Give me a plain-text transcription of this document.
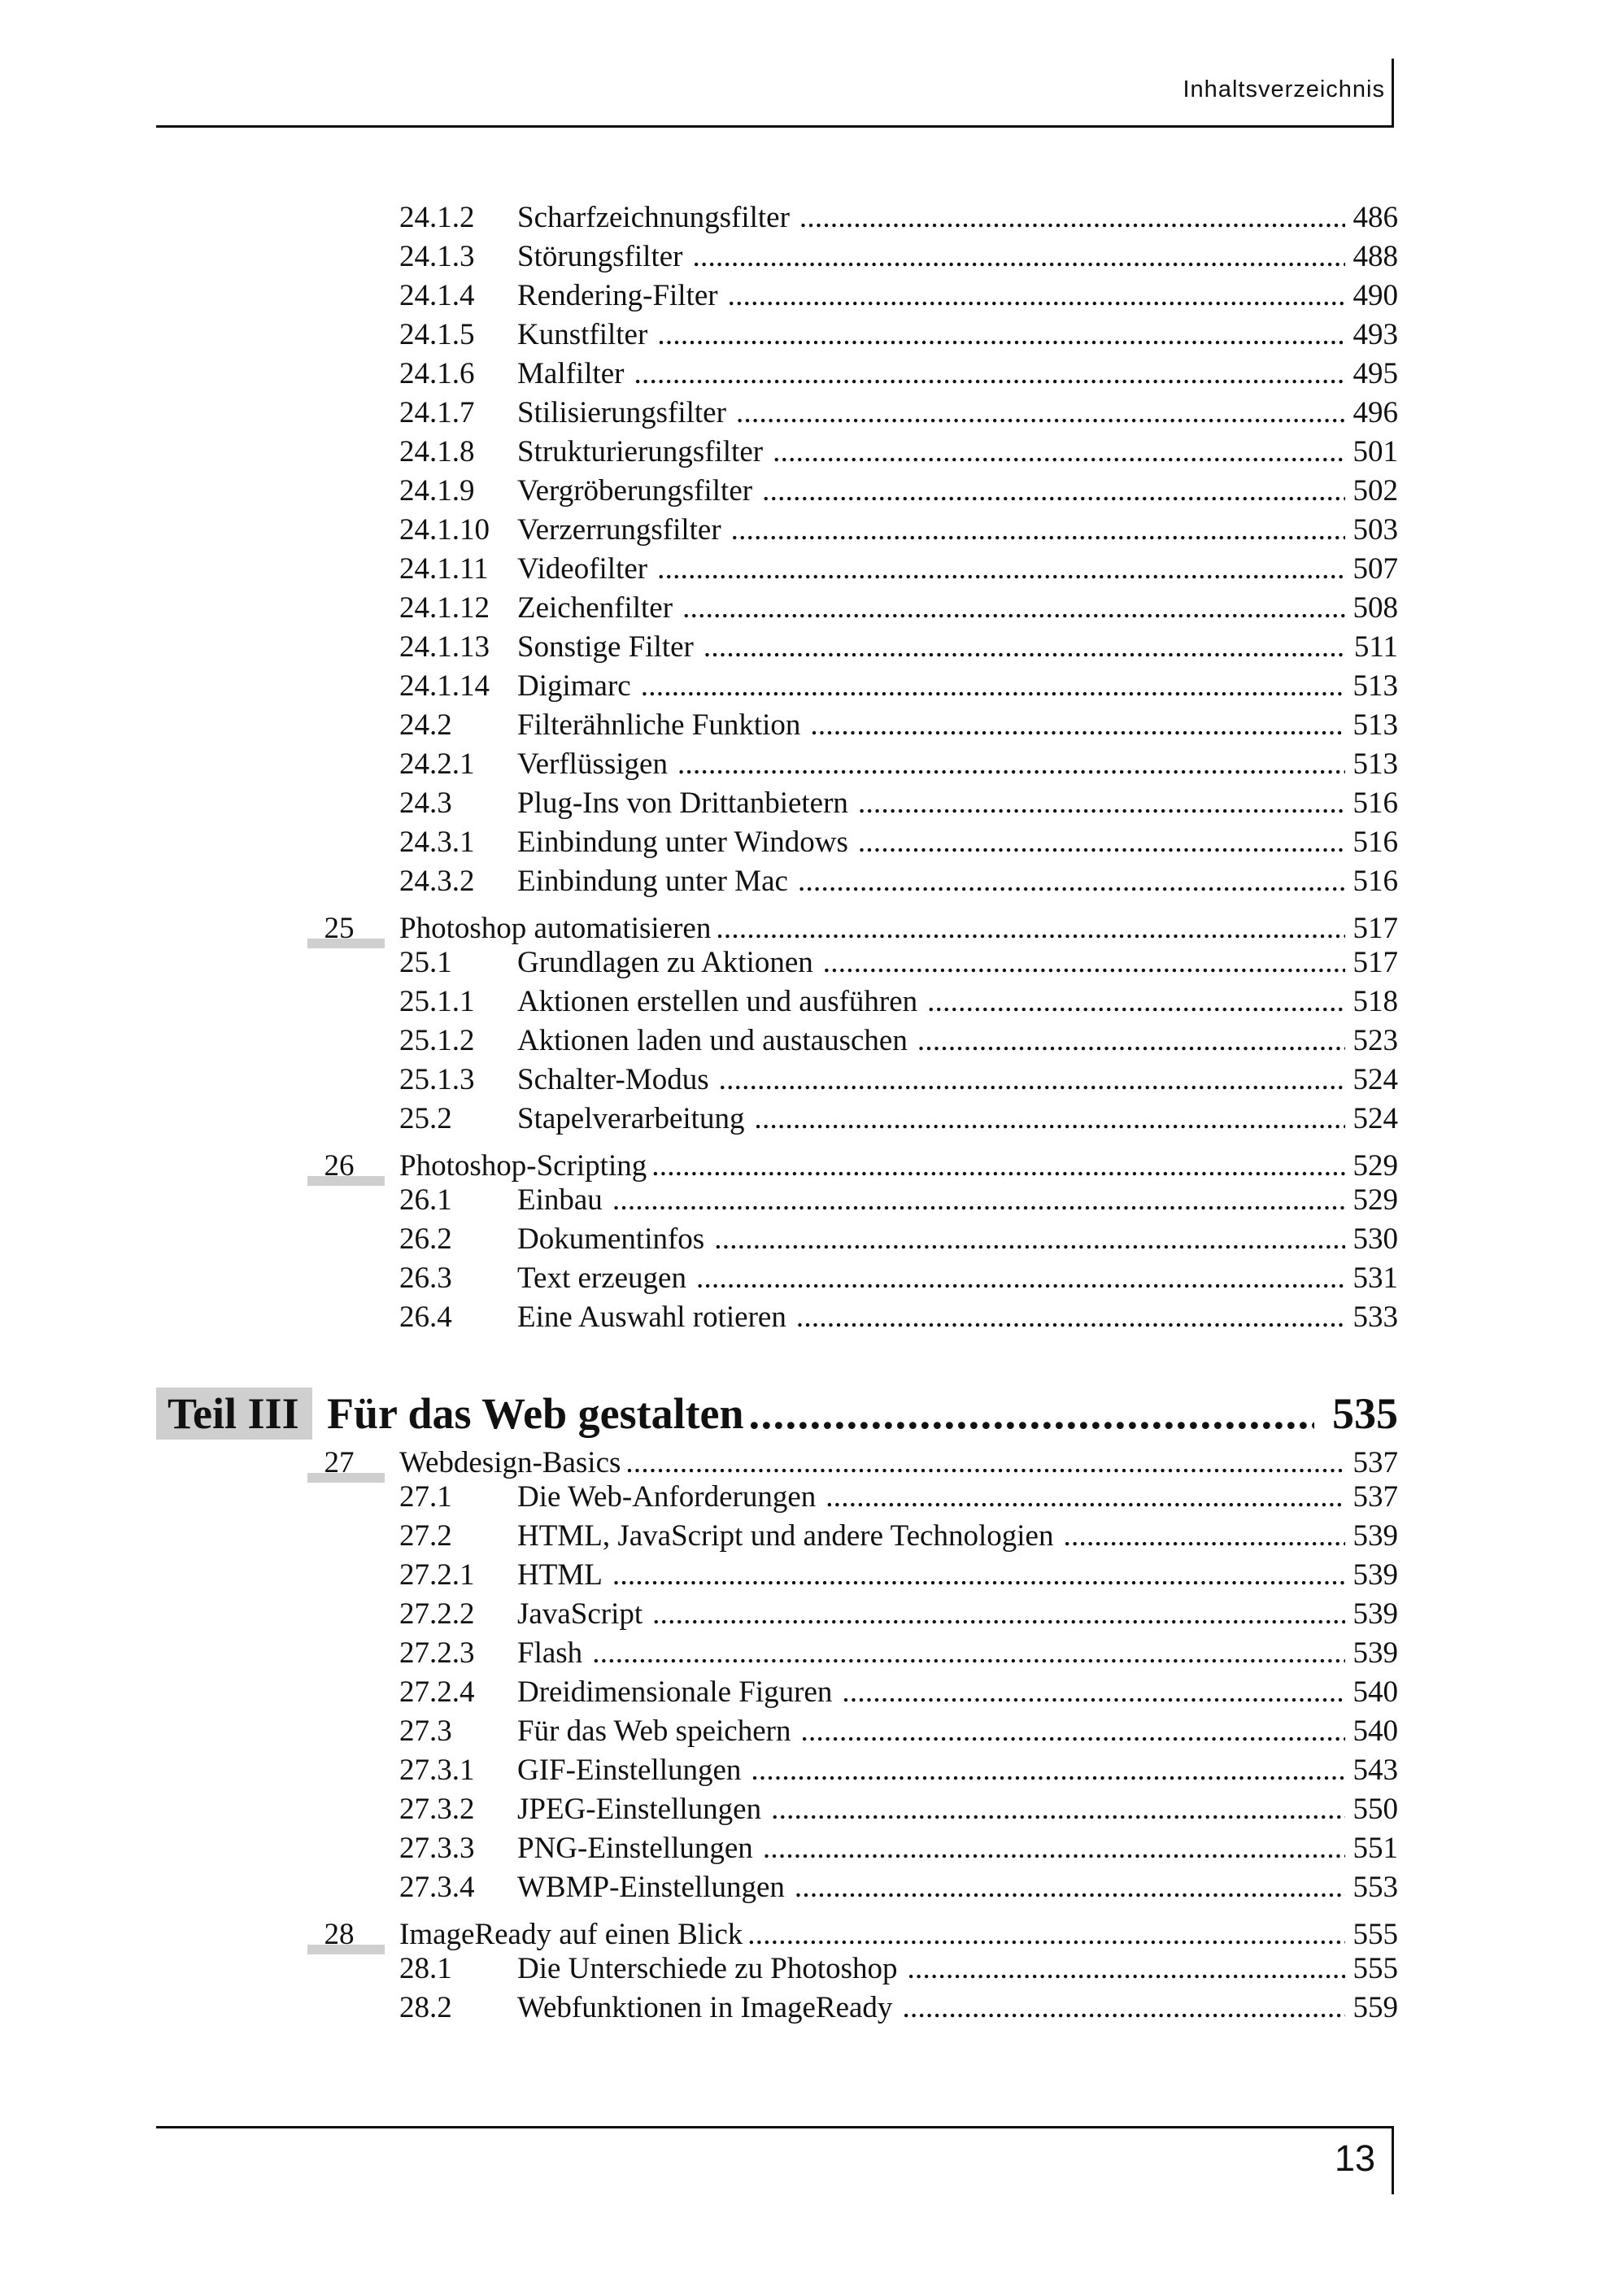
Inhaltsverzeichnis
24.1.2 Scharfzeichnungsfilter . . .	486
24.1.3 Störungsfilter . . .	488
24.1.4 Rendering-Filter . . .	490
24.1.5 Kunstfilter . . .	493
24.1.6 Malfilter . . .	495
24.1.7 Stilisierungsfilter . . .	496
24.1.8 Strukturierungsfilter . . .	501
24.1.9 Vergröberungsfilter . . .	502
24.1.10 Verzerrungsfilter . . .	503
24.1.11 Videofilter . . .	507
24.1.12 Zeichenfilter . . .	508
24.1.13 Sonstige Filter . . .	511
24.1.14 Digimarc . . .	513
24.2 Filterähnliche Funktion . . .	513
24.2.1 Verflüssigen . . .	513
24.3 Plug-Ins von Drittanbietern . . .	516
24.3.1 Einbindung unter Windows . . .	516
24.3.2 Einbindung unter Mac . . .	516
25	Photoshop automatisieren . . .	517
25.1 Grundlagen zu Aktionen . . .	517
25.1.1 Aktionen erstellen und ausführen . . .	518
25.1.2 Aktionen laden und austauschen . . .	523
25.1.3 Schalter-Modus . . .	524
25.2 Stapelverarbeitung . . .	524
26	Photoshop-Scripting . . .	529
26.1 Einbau . . .	529
26.2 Dokumentinfos . . .	530
26.3 Text erzeugen . . .	531
26.4 Eine Auswahl rotieren . . .	533
27	Webdesign-Basics . . .	537
27.1 Die Web-Anforderungen . . .	537
27.2 HTML, JavaScript und andere Technologien . . .	539
27.2.1 HTML . . .	539
27.2.2 JavaScript . . .	539
27.2.3 Flash . . .	539
27.2.4 Dreidimensionale Figuren . . .	540
27.3 Für das Web speichern . . .	540
27.3.1 GIF-Einstellungen . . .	543
27.3.2 JPEG-Einstellungen . . .	550
27.3.3 PNG-Einstellungen . . .	551
27.3.4 WBMP-Einstellungen . . .	553
28	ImageReady auf einen Blick . . .	555
28.1 Die Unterschiede zu Photoshop . . .	555
28.2 Webfunktionen in ImageReady . . .	559
Teil III Für das Web gestalten . . .	535
13
